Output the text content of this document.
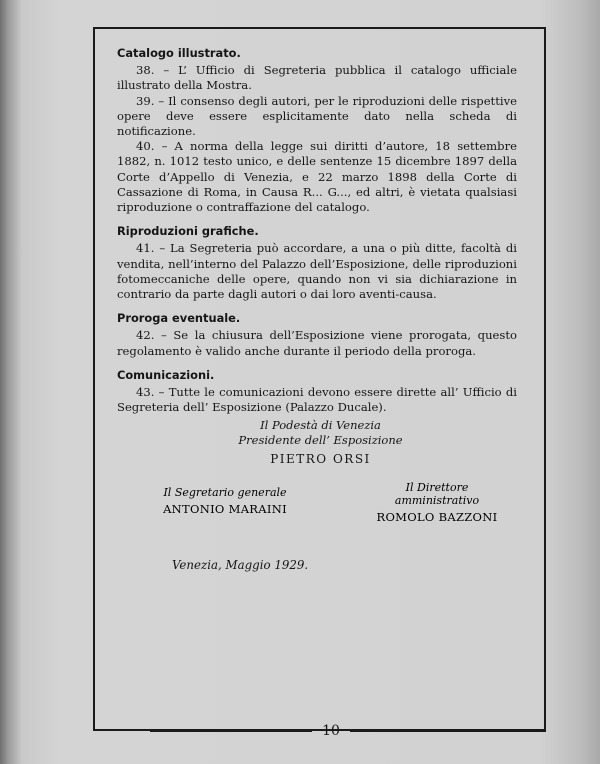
Catalogo illustrato.

38. – L’ Ufficio di Segreteria pubblica il catalogo ufficiale illustrato della Mostra.

39. – Il consenso degli autori, per le riproduzioni delle rispettive opere deve essere esplicitamente dato nella scheda di notificazione.

40. – A norma della legge sui diritti d’autore, 18 settembre 1882, n. 1012 testo unico, e delle sentenze 15 dicembre 1897 della Corte d’Appello di Venezia, e 22 marzo 1898 della Corte di Cassazione di Roma, in Causa R... G..., ed altri, è vietata qualsiasi riproduzione o contraffazione del catalogo.

Riproduzioni grafiche.

41. – La Segreteria può accordare, a una o più ditte, facoltà di vendita, nell’interno del Palazzo dell’Esposizione, delle riproduzioni fotomeccaniche delle opere, quando non vi sia dichiarazione in contrario da parte dagli autori o dai loro aventi-causa.

Proroga eventuale.

42. – Se la chiusura dell’Esposizione viene prorogata, questo regolamento è valido anche durante il periodo della proroga.

Comunicazioni.

43. – Tutte le comunicazioni devono essere dirette all’ Ufficio di Segreteria dell’ Esposizione (Palazzo Ducale).

Il Podestà di Venezia
Presidente dell’ Esposizione
PIETRO ORSI
Il Segretario generale
ANTONIO MARAINI
Il Direttore amministrativo
ROMOLO BAZZONI
Venezia, Maggio 1929.
10
